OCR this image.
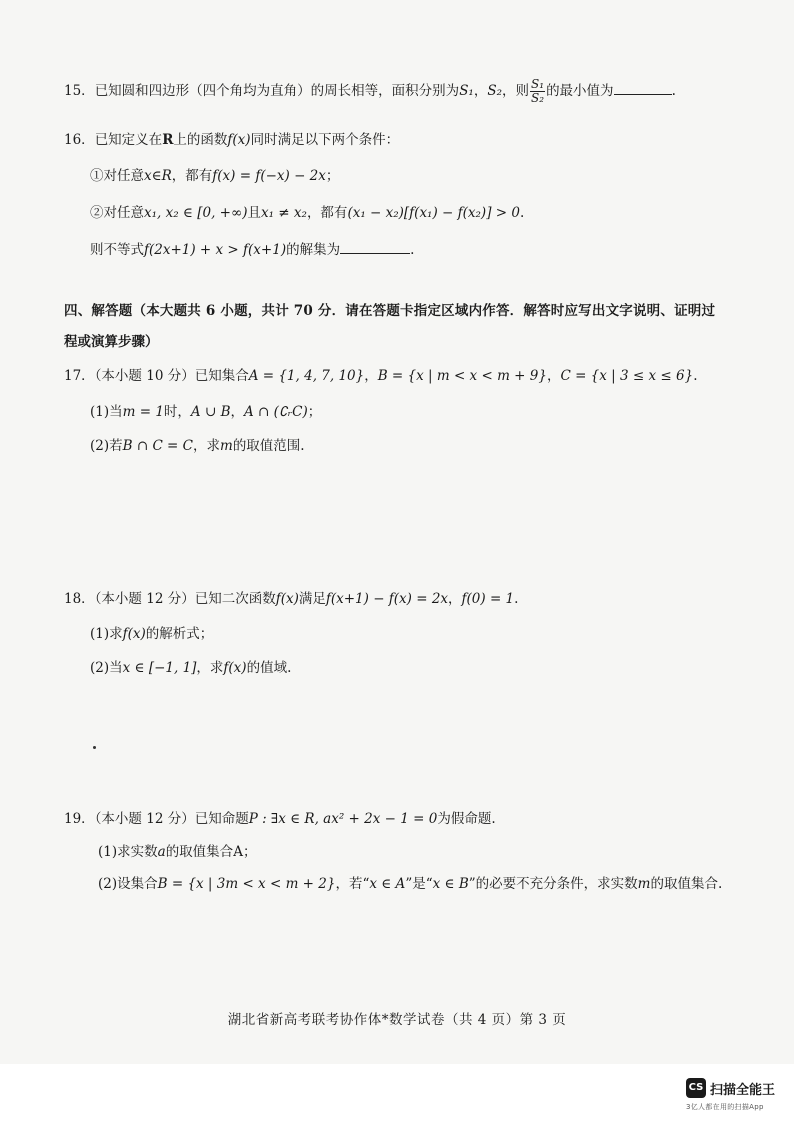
15．已知圆和四边形（四个角均为直角）的周长相等，面积分别为S₁，S₂，则 $\frac{\text{S₁}}{\text{S₂}}$ 的最小值为	.
16．已知定义在R上的函数f(x)同时满足以下两个条件：
①对任意x∈R，都有f(x) = f(−x) − 2x；
②对任意x₁, x₂ ∈ [0, +∞)且x₁ ≠ x₂，都有(x₁ − x₂)[f(x₁) − f(x₂)] > 0.
则不等式f(2x+1) + x > f(x+1)的解集为	.
四、解答题（本大题共 6 小题，共计 70 分．请在答题卡指定区域内作答．解答时应写出文字说明、证明过
程或演算步骤）
17．（本小题 10 分）已知集合A = {1, 4, 7, 10}，B = {x | m < x < m + 9}，C = {x | 3 ≤ x ≤ 6}.
(1)当m = 1时，A ∪ B，A ∩ (∁ᵣC)；
(2)若B ∩ C = C，求m的取值范围.
18．（本小题 12 分）已知二次函数f(x)满足f(x+1) − f(x) = 2x，f(0) = 1.
(1)求f(x)的解析式；
(2)当x ∈ [−1, 1]，求f(x)的值域.
19．（本小题 12 分）已知命题P : ∃x ∈ R, ax² + 2x − 1 = 0为假命题.
(1)求实数a的取值集合A；
(2)设集合B = {x | 3m < x < m + 2}，若“x ∈ A”是“x ∈ B”的必要不充分条件，求实数m的取值集合.
湖北省新高考联考协作体*数学试卷（共 4 页）第 3 页
CS 扫描全能王
3亿人都在用的扫描App
